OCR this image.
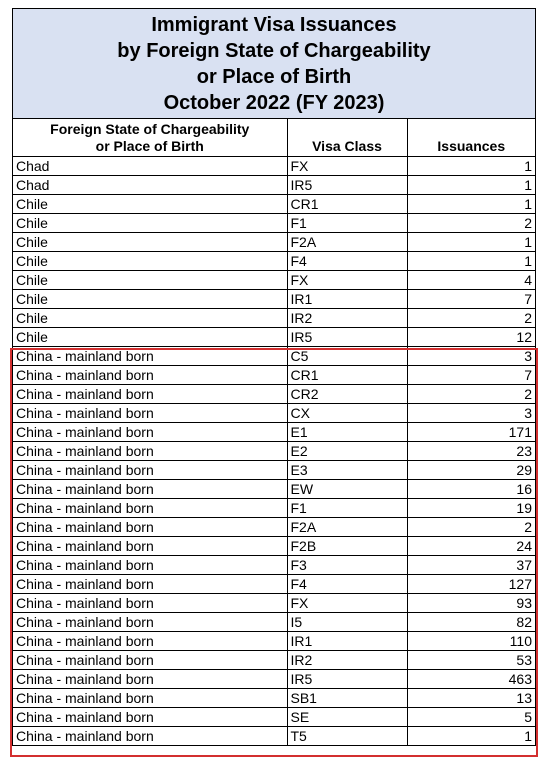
Immigrant Visa Issuances
by Foreign State of Chargeability
or Place of Birth
October 2022 (FY 2023)
Foreign State of Chargeability
or Place of Birth	Visa Class	Issuances
Chad	FX	1
Chad	IR5	1
Chile	CR1	1
Chile	F1	2
Chile	F2A	1
Chile	F4	1
Chile	FX	4
Chile	IR1	7
Chile	IR2	2
Chile	IR5	12
China - mainland born	C5	3
China - mainland born	CR1	7
China - mainland born	CR2	2
China - mainland born	CX	3
China - mainland born	E1	171
China - mainland born	E2	23
China - mainland born	E3	29
China - mainland born	EW	16
China - mainland born	F1	19
China - mainland born	F2A	2
China - mainland born	F2B	24
China - mainland born	F3	37
China - mainland born	F4	127
China - mainland born	FX	93
China - mainland born	I5	82
China - mainland born	IR1	110
China - mainland born	IR2	53
China - mainland born	IR5	463
China - mainland born	SB1	13
China - mainland born	SE	5
China - mainland born	T5	1
